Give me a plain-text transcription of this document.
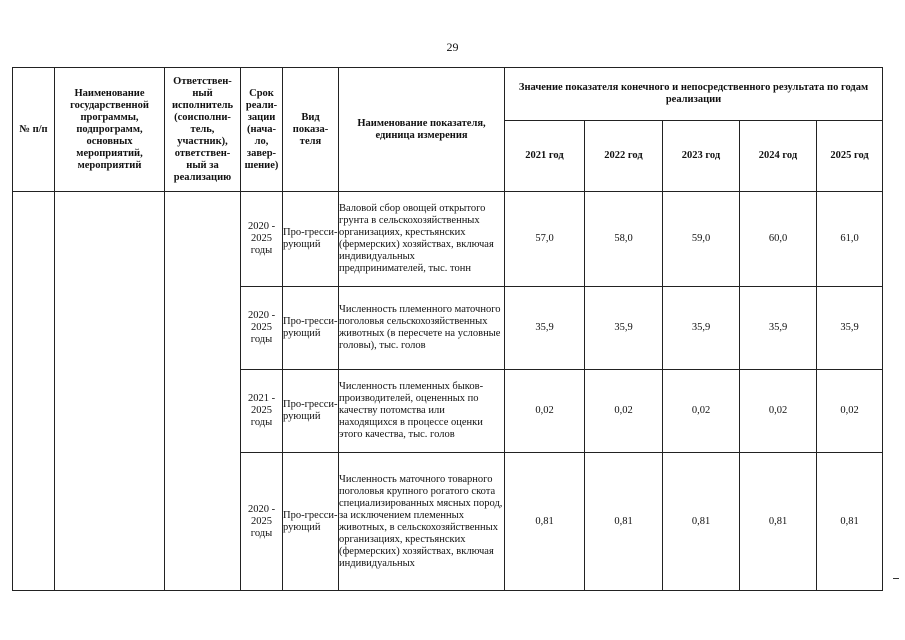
29
№ п/п	Наименование государственной программы, подпрограмм, основных мероприятий, мероприятий	Ответствен-ный исполнитель (соисполни-тель, участник), ответствен-ный за реализацию	Срок реали-зации (нача-ло, завер-шение)	Вид показа-теля	Наименование показателя, единица измерения	Значение показателя конечного и непосредственного результата по годам реализации				
						2021 год	2022 год	2023 год	2024 год	2025 год
			2020 - 2025 годы	Про-гресси-рующий	Валовой сбор овощей открытого грунта в сельскохозяйственных организациях, крестьянских (фермерских) хозяйствах, включая индивидуальных предпринимателей, тыс. тонн	57,0	58,0	59,0	60,0	61,0
			2020 - 2025 годы	Про-гресси-рующий	Численность племенного маточного поголовья сельскохозяйственных животных (в пересчете на условные головы), тыс. голов	35,9	35,9	35,9	35,9	35,9
			2021 - 2025 годы	Про-гресси-рующий	Численность племенных быков-производителей, оцененных по качеству потомства или находящихся в процессе оценки этого качества, тыс. голов	0,02	0,02	0,02	0,02	0,02
			2020 - 2025 годы	Про-гресси-рующий	Численность маточного товарного поголовья крупного рогатого скота специализированных мясных пород, за исключением племенных животных, в сельскохозяйственных организациях, крестьянских (фермерских) хозяйствах, включая индивидуальных	0,81	0,81	0,81	0,81	0,81
